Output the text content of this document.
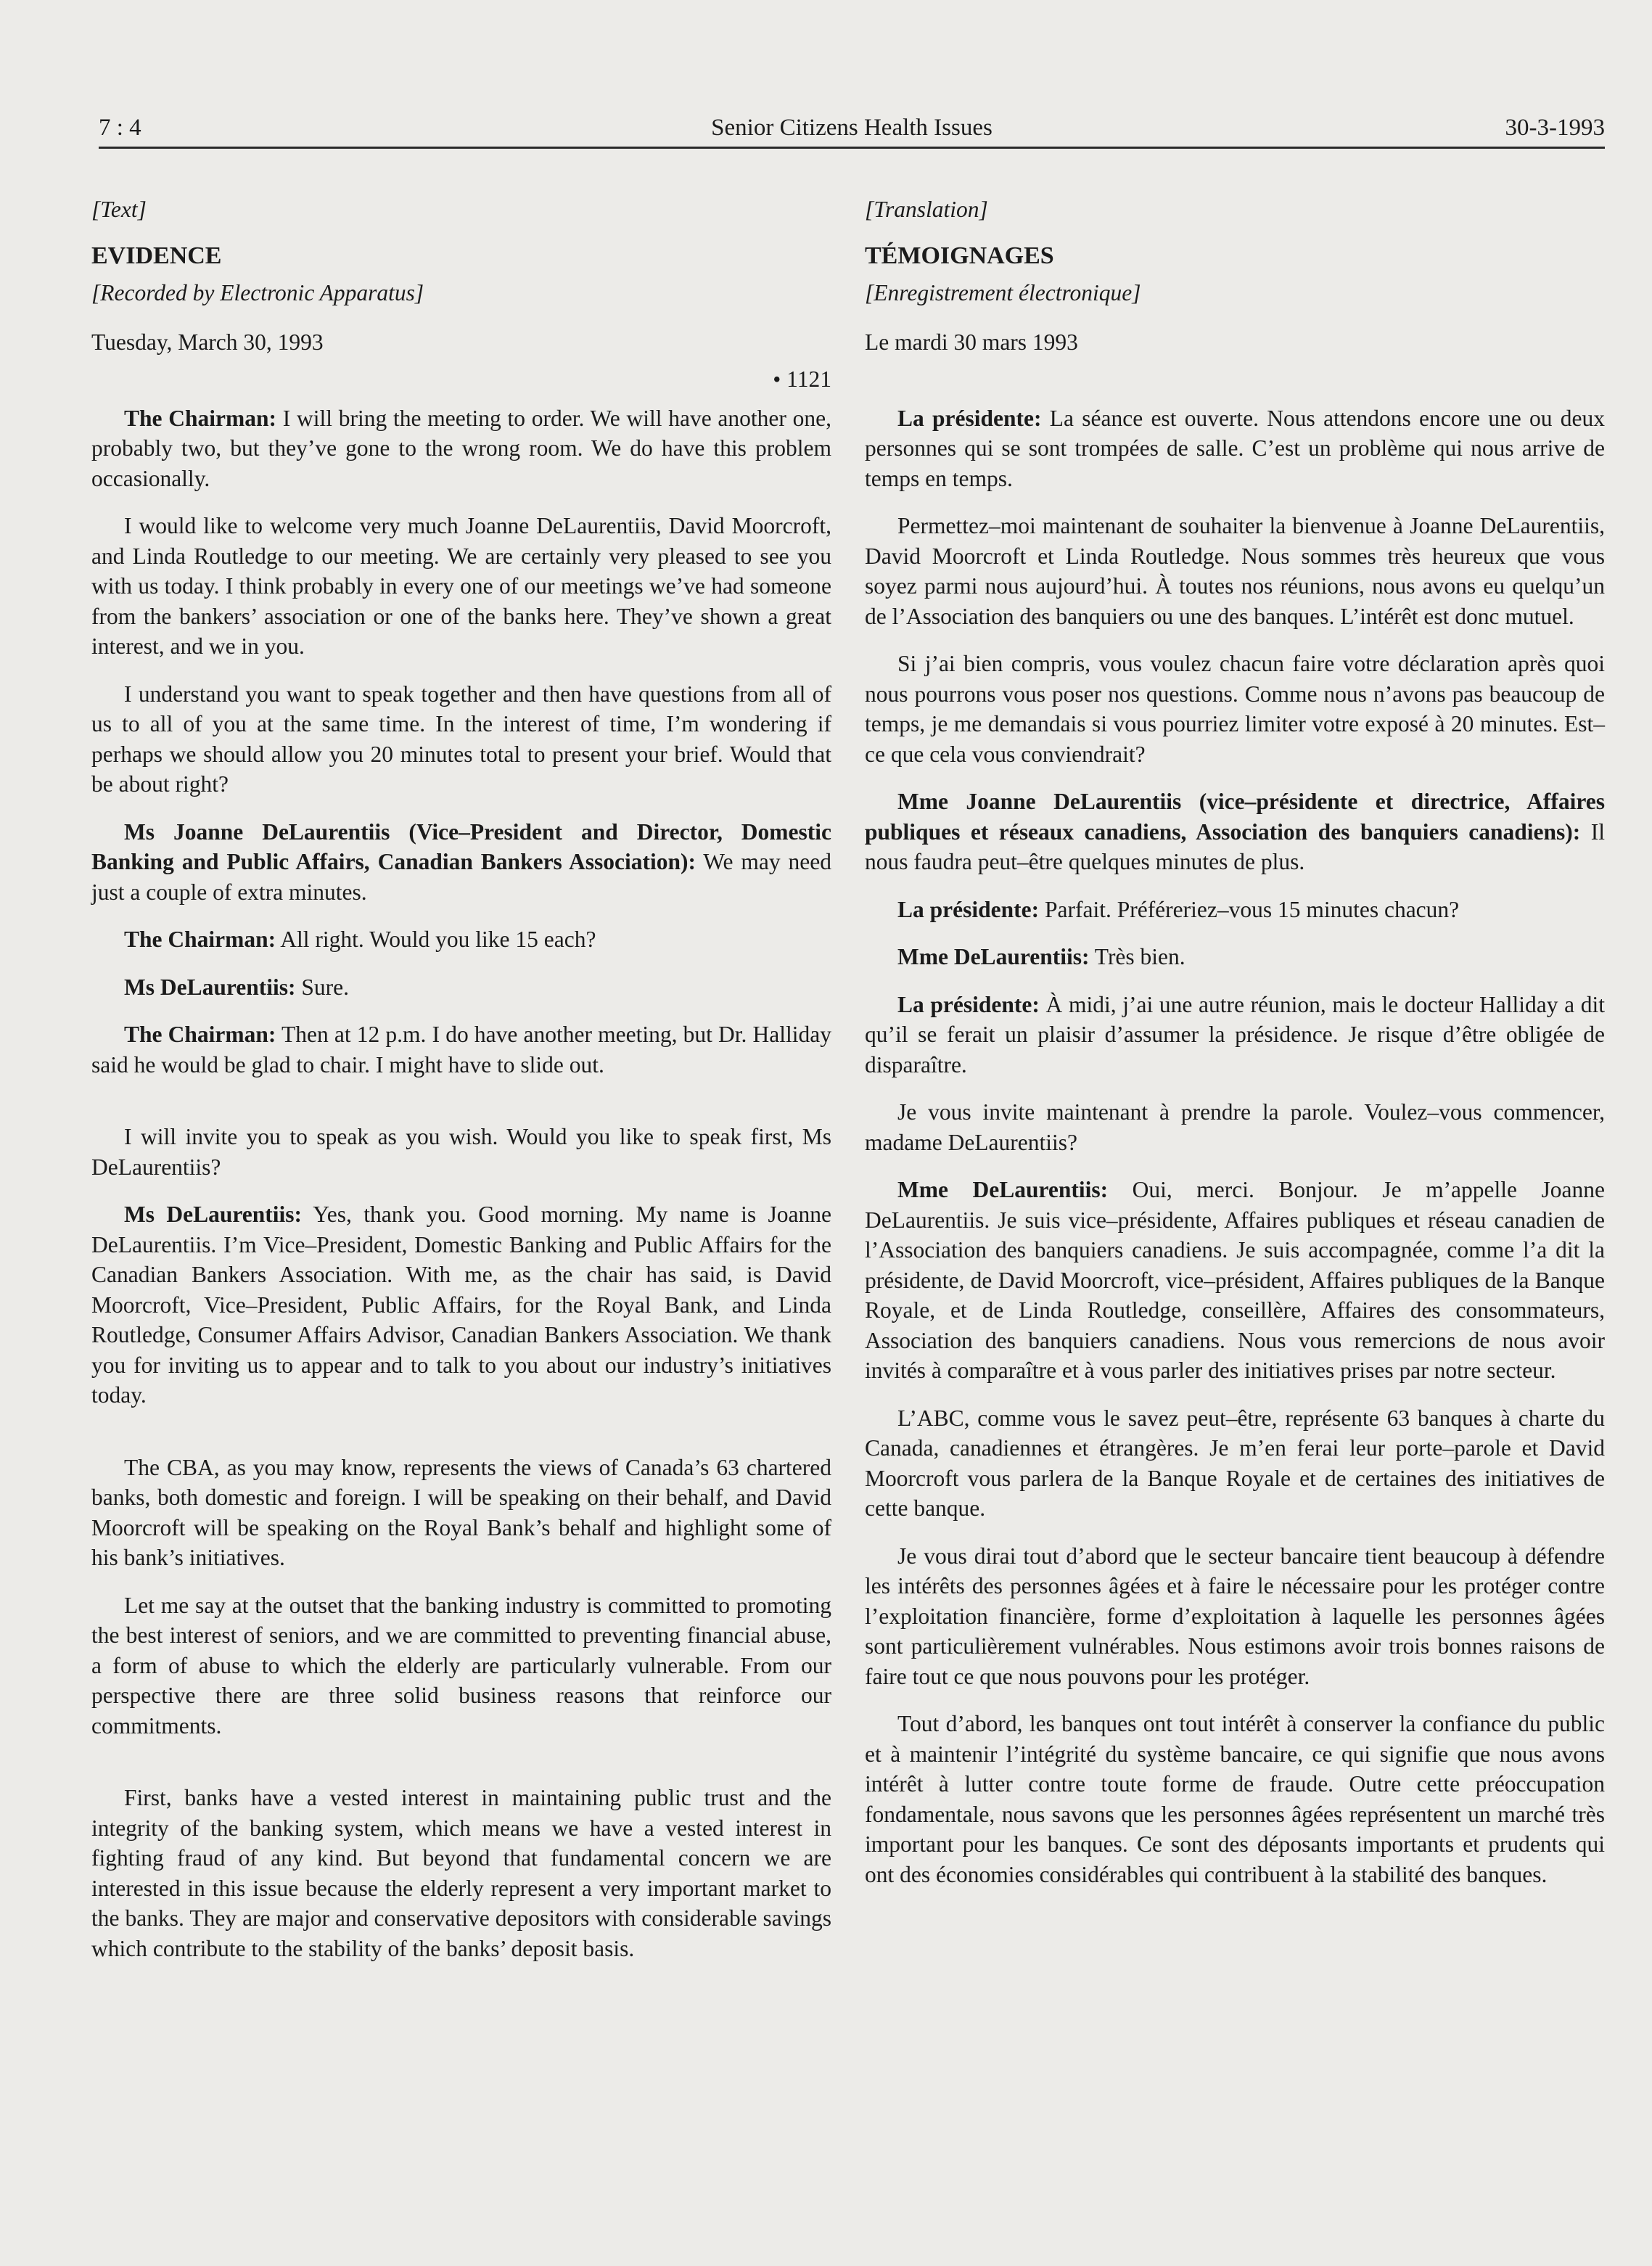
7 : 4	Senior Citizens Health Issues	30-3-1993

[Text]

EVIDENCE

[Recorded by Electronic Apparatus]

Tuesday, March 30, 1993

• 1121

The Chairman: I will bring the meeting to order. We will have another one, probably two, but they’ve gone to the wrong room. We do have this problem occasionally.

I would like to welcome very much Joanne DeLaurentiis, David Moorcroft, and Linda Routledge to our meeting. We are certainly very pleased to see you with us today. I think probably in every one of our meetings we’ve had someone from the bankers’ association or one of the banks here. They’ve shown a great interest, and we in you.

I understand you want to speak together and then have questions from all of us to all of you at the same time. In the interest of time, I’m wondering if perhaps we should allow you 20 minutes total to present your brief. Would that be about right?

Ms Joanne DeLaurentiis (Vice–President and Director, Domestic Banking and Public Affairs, Canadian Bankers Association): We may need just a couple of extra minutes.

The Chairman: All right. Would you like 15 each?

Ms DeLaurentiis: Sure.

The Chairman: Then at 12 p.m. I do have another meeting, but Dr. Halliday said he would be glad to chair. I might have to slide out.

I will invite you to speak as you wish. Would you like to speak first, Ms DeLaurentiis?

Ms DeLaurentiis: Yes, thank you. Good morning. My name is Joanne DeLaurentiis. I’m Vice–President, Domestic Banking and Public Affairs for the Canadian Bankers Association. With me, as the chair has said, is David Moorcroft, Vice–President, Public Affairs, for the Royal Bank, and Linda Routledge, Consumer Affairs Advisor, Canadian Bankers Association. We thank you for inviting us to appear and to talk to you about our industry’s initiatives today.

The CBA, as you may know, represents the views of Canada’s 63 chartered banks, both domestic and foreign. I will be speaking on their behalf, and David Moorcroft will be speaking on the Royal Bank’s behalf and highlight some of his bank’s initiatives.

Let me say at the outset that the banking industry is committed to promoting the best interest of seniors, and we are committed to preventing financial abuse, a form of abuse to which the elderly are particularly vulnerable. From our perspective there are three solid business reasons that reinforce our commitments.

First, banks have a vested interest in maintaining public trust and the integrity of the banking system, which means we have a vested interest in fighting fraud of any kind. But beyond that fundamental concern we are interested in this issue because the elderly represent a very important market to the banks. They are major and conservative depositors with considerable savings which contribute to the stability of the banks’ deposit basis.

[Translation]

TÉMOIGNAGES

[Enregistrement électronique]

Le mardi 30 mars 1993

La présidente: La séance est ouverte. Nous attendons encore une ou deux personnes qui se sont trompées de salle. C’est un problème qui nous arrive de temps en temps.

Permettez–moi maintenant de souhaiter la bienvenue à Joanne DeLaurentiis, David Moorcroft et Linda Routledge. Nous sommes très heureux que vous soyez parmi nous aujourd’hui. À toutes nos réunions, nous avons eu quelqu’un de l’Association des banquiers ou une des banques. L’intérêt est donc mutuel.

Si j’ai bien compris, vous voulez chacun faire votre déclaration après quoi nous pourrons vous poser nos questions. Comme nous n’avons pas beaucoup de temps, je me demandais si vous pourriez limiter votre exposé à 20 minutes. Est–ce que cela vous conviendrait?

Mme Joanne DeLaurentiis (vice–présidente et directrice, Affaires publiques et réseaux canadiens, Association des banquiers canadiens): Il nous faudra peut–être quelques minutes de plus.

La présidente: Parfait. Préféreriez–vous 15 minutes chacun?

Mme DeLaurentiis: Très bien.

La présidente: À midi, j’ai une autre réunion, mais le docteur Halliday a dit qu’il se ferait un plaisir d’assumer la présidence. Je risque d’être obligée de disparaître.

Je vous invite maintenant à prendre la parole. Voulez–vous commencer, madame DeLaurentiis?

Mme DeLaurentiis: Oui, merci. Bonjour. Je m’appelle Joanne DeLaurentiis. Je suis vice–présidente, Affaires publiques et réseau canadien de l’Association des banquiers canadiens. Je suis accompagnée, comme l’a dit la présidente, de David Moorcroft, vice–président, Affaires publiques de la Banque Royale, et de Linda Routledge, conseillère, Affaires des consommateurs, Association des banquiers canadiens. Nous vous remercions de nous avoir invités à comparaître et à vous parler des initiatives prises par notre secteur.

L’ABC, comme vous le savez peut–être, représente 63 banques à charte du Canada, canadiennes et étrangères. Je m’en ferai leur porte–parole et David Moorcroft vous parlera de la Banque Royale et de certaines des initiatives de cette banque.

Je vous dirai tout d’abord que le secteur bancaire tient beaucoup à défendre les intérêts des personnes âgées et à faire le nécessaire pour les protéger contre l’exploitation financière, forme d’exploitation à laquelle les personnes âgées sont particulièrement vulnérables. Nous estimons avoir trois bonnes raisons de faire tout ce que nous pouvons pour les protéger.

Tout d’abord, les banques ont tout intérêt à conserver la confiance du public et à maintenir l’intégrité du système bancaire, ce qui signifie que nous avons intérêt à lutter contre toute forme de fraude. Outre cette préoccupation fondamentale, nous savons que les personnes âgées représentent un marché très important pour les banques. Ce sont des déposants importants et prudents qui ont des économies considérables qui contribuent à la stabilité des banques.
